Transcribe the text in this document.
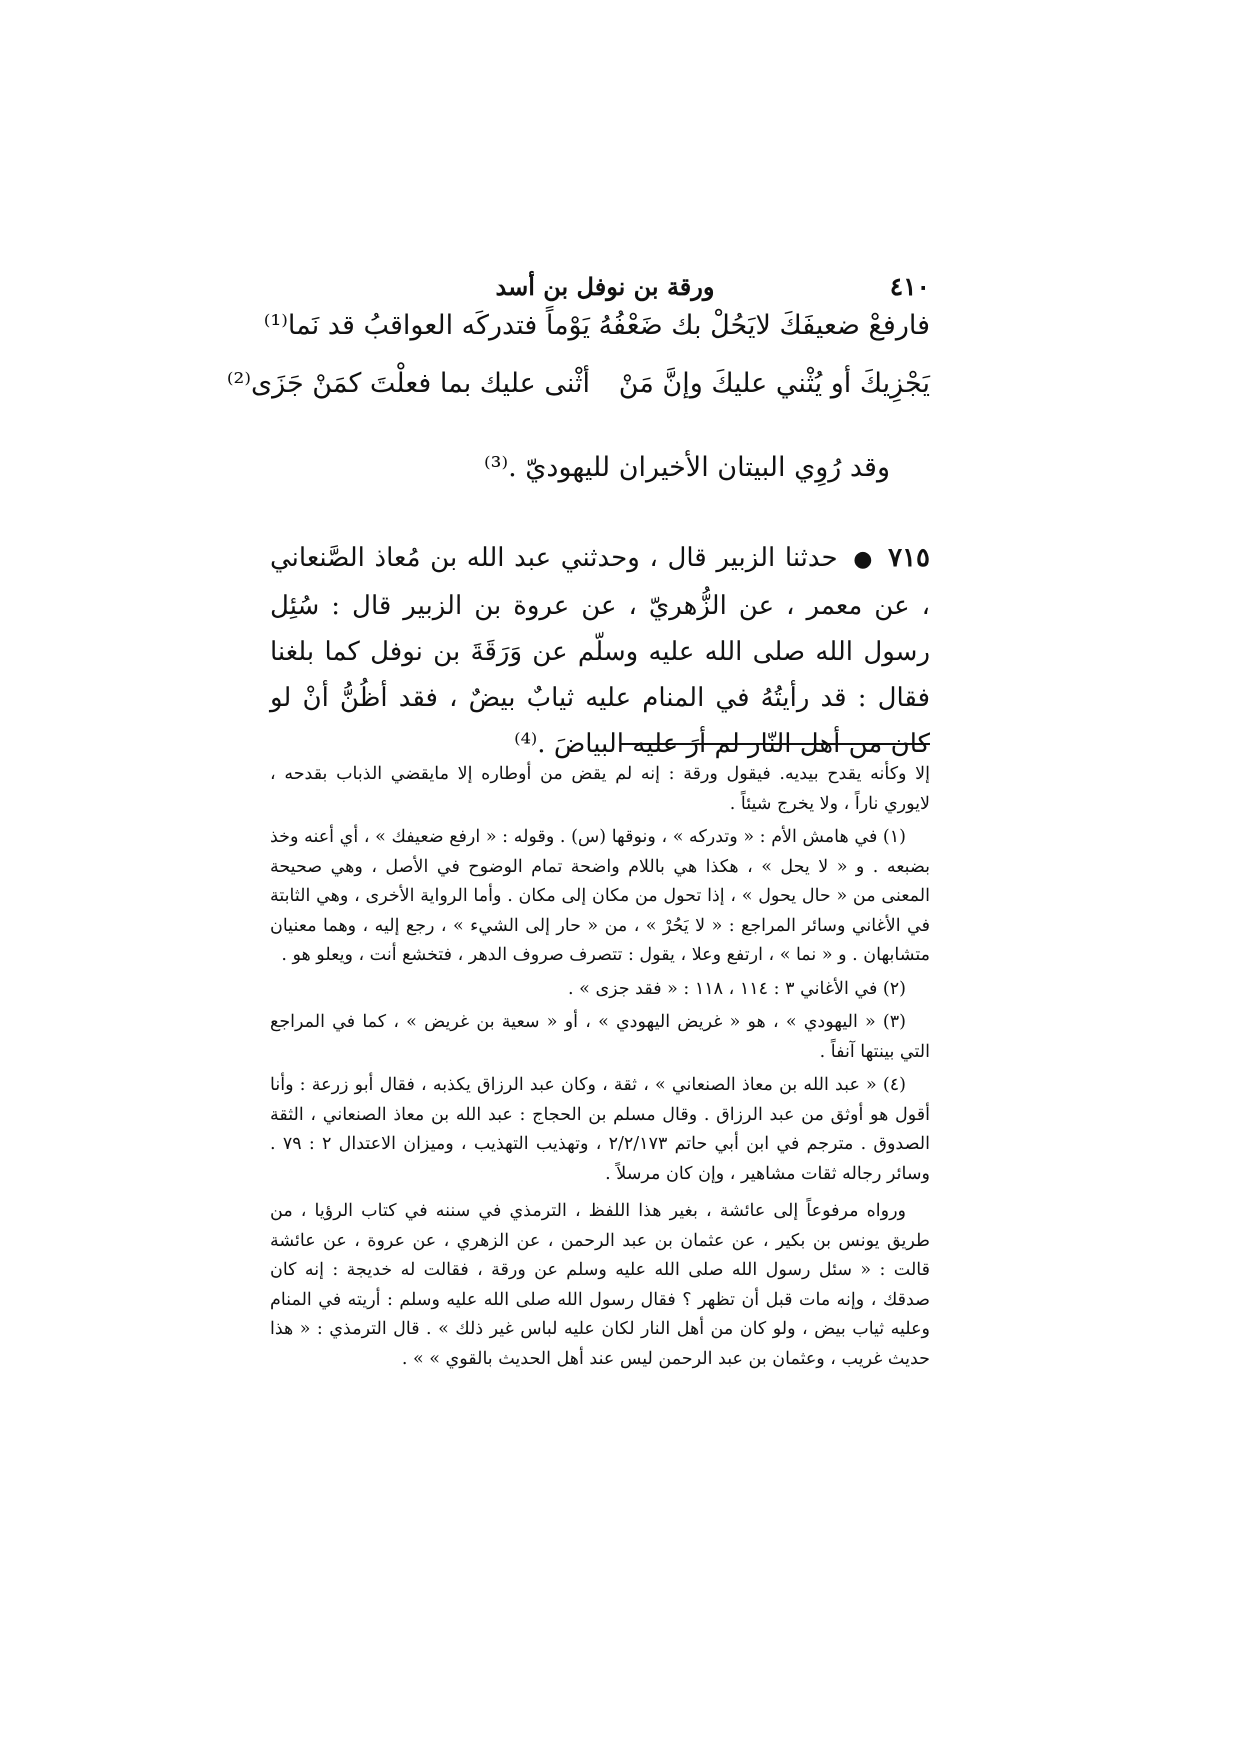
٤١٠
ورقة بن نوفل بن أسد
فارفعْ ضعيفَكَ لايَحُلْ بك ضَعْفُهُ
يَوْماً فتدركَه العواقبُ قد نَما⁽¹⁾
يَجْزِيكَ أو يُثْني عليكَ وإنَّ مَنْ
أثْنى عليك بما فعلْتَ كمَنْ جَزَى⁽²⁾
وقد رُوِي البيتان الأخيران لليهوديّ .⁽³⁾
٧١٥ ● حدثنا الزبير قال ، وحدثني عبد الله بن مُعاذ الصَّنعاني ، عن معمر ، عن الزُّهريّ ، عن عروة بن الزبير قال : سُئِل رسول الله صلى الله عليه وسلّم عن وَرَقَةَ بن نوفل كما بلغنا فقال : قد رأيتُهُ في المنام عليه ثيابٌ بيضٌ ، فقد أظُنُّ أنْ لو كان من أهل النّار لم أرَ عليه البياضَ .⁽⁴⁾

إلا وكأنه يقدح بيديه. فيقول ورقة : إنه لم يقض من أوطاره إلا مايقضي الذباب بقدحه ، لايوري ناراً ، ولا يخرج شيئاً .

(١) في هامش الأم : « وتدركه » ، ونوقها (س) . وقوله : « ارفع ضعيفك » ، أي أعنه وخذ بضبعه . و « لا يحل » ، هكذا هي باللام واضحة تمام الوضوح في الأصل ، وهي صحيحة المعنى من « حال يحول » ، إذا تحول من مكان إلى مكان . وأما الرواية الأخرى ، وهي الثابتة في الأغاني وسائر المراجع : « لا يَحُرْ » ، من « حار إلى الشيء » ، رجع إليه ، وهما معنيان متشابهان . و « نما » ، ارتفع وعلا ، يقول : تتصرف صروف الدهر ، فتخشع أنت ، ويعلو هو .

(٢) في الأغاني ٣ : ١١٤ ، ١١٨ : « فقد جزى » .

(٣) « اليهودي » ، هو « غريض اليهودي » ، أو « سعية بن غريض » ، كما في المراجع التي بينتها آنفاً .

(٤) « عبد الله بن معاذ الصنعاني » ، ثقة ، وكان عبد الرزاق يكذبه ، فقال أبو زرعة : وأنا أقول هو أوثق من عبد الرزاق . وقال مسلم بن الحجاج : عبد الله بن معاذ الصنعاني ، الثقة الصدوق . مترجم في ابن أبي حاتم ٢/٢/١٧٣ ، وتهذيب التهذيب ، وميزان الاعتدال ٢ : ٧٩ . وسائر رجاله ثقات مشاهير ، وإن كان مرسلاً .

ورواه مرفوعاً إلى عائشة ، بغير هذا اللفظ ، الترمذي في سننه في كتاب الرؤيا ، من طريق يونس بن بكير ، عن عثمان بن عبد الرحمن ، عن الزهري ، عن عروة ، عن عائشة قالت : « سئل رسول الله صلى الله عليه وسلم عن ورقة ، فقالت له خديجة : إنه كان صدقك ، وإنه مات قبل أن تظهر ؟ فقال رسول الله صلى الله عليه وسلم : أريته في المنام وعليه ثياب بيض ، ولو كان من أهل النار لكان عليه لباس غير ذلك » . قال الترمذي : « هذا حديث غريب ، وعثمان بن عبد الرحمن ليس عند أهل الحديث بالقوي » » .
